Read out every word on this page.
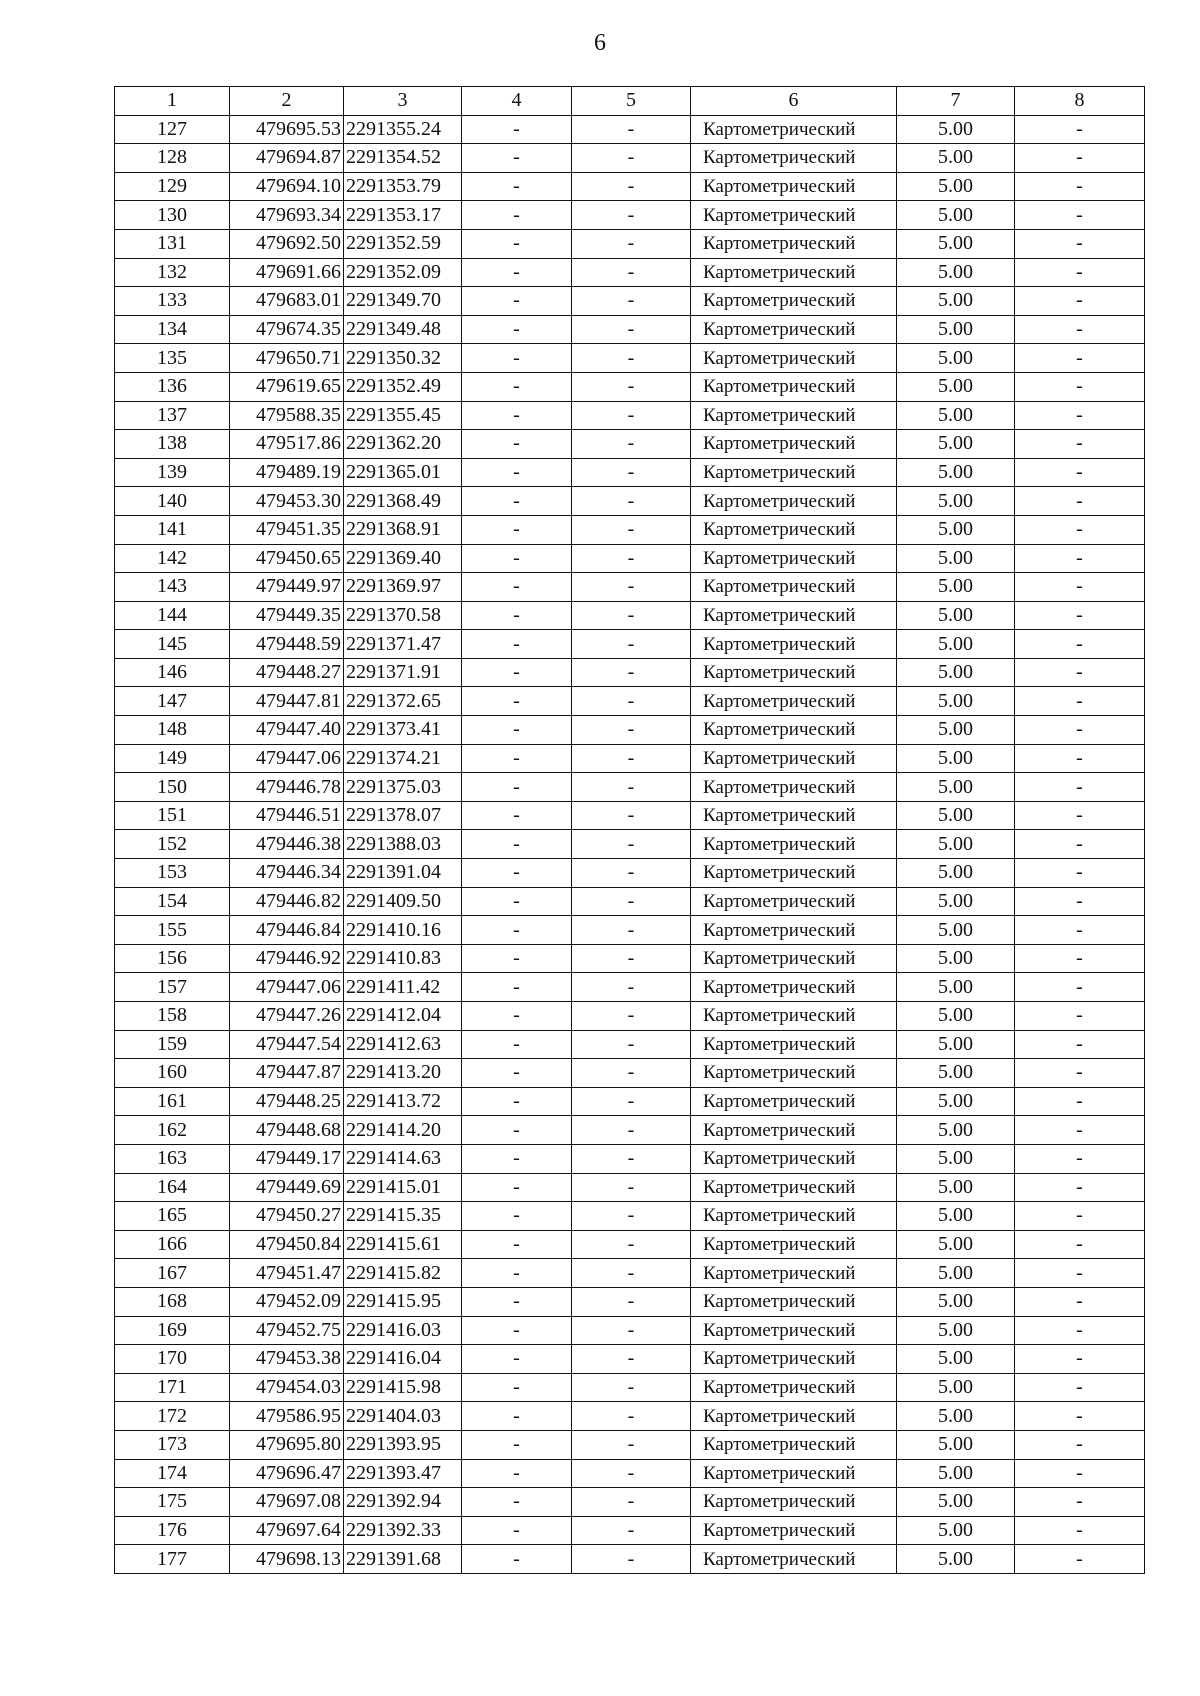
6
1	2	3	4	5	6	7	8
127	479695.53	2291355.24	-	-	Картометрический	5.00	-
128	479694.87	2291354.52	-	-	Картометрический	5.00	-
129	479694.10	2291353.79	-	-	Картометрический	5.00	-
130	479693.34	2291353.17	-	-	Картометрический	5.00	-
131	479692.50	2291352.59	-	-	Картометрический	5.00	-
132	479691.66	2291352.09	-	-	Картометрический	5.00	-
133	479683.01	2291349.70	-	-	Картометрический	5.00	-
134	479674.35	2291349.48	-	-	Картометрический	5.00	-
135	479650.71	2291350.32	-	-	Картометрический	5.00	-
136	479619.65	2291352.49	-	-	Картометрический	5.00	-
137	479588.35	2291355.45	-	-	Картометрический	5.00	-
138	479517.86	2291362.20	-	-	Картометрический	5.00	-
139	479489.19	2291365.01	-	-	Картометрический	5.00	-
140	479453.30	2291368.49	-	-	Картометрический	5.00	-
141	479451.35	2291368.91	-	-	Картометрический	5.00	-
142	479450.65	2291369.40	-	-	Картометрический	5.00	-
143	479449.97	2291369.97	-	-	Картометрический	5.00	-
144	479449.35	2291370.58	-	-	Картометрический	5.00	-
145	479448.59	2291371.47	-	-	Картометрический	5.00	-
146	479448.27	2291371.91	-	-	Картометрический	5.00	-
147	479447.81	2291372.65	-	-	Картометрический	5.00	-
148	479447.40	2291373.41	-	-	Картометрический	5.00	-
149	479447.06	2291374.21	-	-	Картометрический	5.00	-
150	479446.78	2291375.03	-	-	Картометрический	5.00	-
151	479446.51	2291378.07	-	-	Картометрический	5.00	-
152	479446.38	2291388.03	-	-	Картометрический	5.00	-
153	479446.34	2291391.04	-	-	Картометрический	5.00	-
154	479446.82	2291409.50	-	-	Картометрический	5.00	-
155	479446.84	2291410.16	-	-	Картометрический	5.00	-
156	479446.92	2291410.83	-	-	Картометрический	5.00	-
157	479447.06	2291411.42	-	-	Картометрический	5.00	-
158	479447.26	2291412.04	-	-	Картометрический	5.00	-
159	479447.54	2291412.63	-	-	Картометрический	5.00	-
160	479447.87	2291413.20	-	-	Картометрический	5.00	-
161	479448.25	2291413.72	-	-	Картометрический	5.00	-
162	479448.68	2291414.20	-	-	Картометрический	5.00	-
163	479449.17	2291414.63	-	-	Картометрический	5.00	-
164	479449.69	2291415.01	-	-	Картометрический	5.00	-
165	479450.27	2291415.35	-	-	Картометрический	5.00	-
166	479450.84	2291415.61	-	-	Картометрический	5.00	-
167	479451.47	2291415.82	-	-	Картометрический	5.00	-
168	479452.09	2291415.95	-	-	Картометрический	5.00	-
169	479452.75	2291416.03	-	-	Картометрический	5.00	-
170	479453.38	2291416.04	-	-	Картометрический	5.00	-
171	479454.03	2291415.98	-	-	Картометрический	5.00	-
172	479586.95	2291404.03	-	-	Картометрический	5.00	-
173	479695.80	2291393.95	-	-	Картометрический	5.00	-
174	479696.47	2291393.47	-	-	Картометрический	5.00	-
175	479697.08	2291392.94	-	-	Картометрический	5.00	-
176	479697.64	2291392.33	-	-	Картометрический	5.00	-
177	479698.13	2291391.68	-	-	Картометрический	5.00	-
